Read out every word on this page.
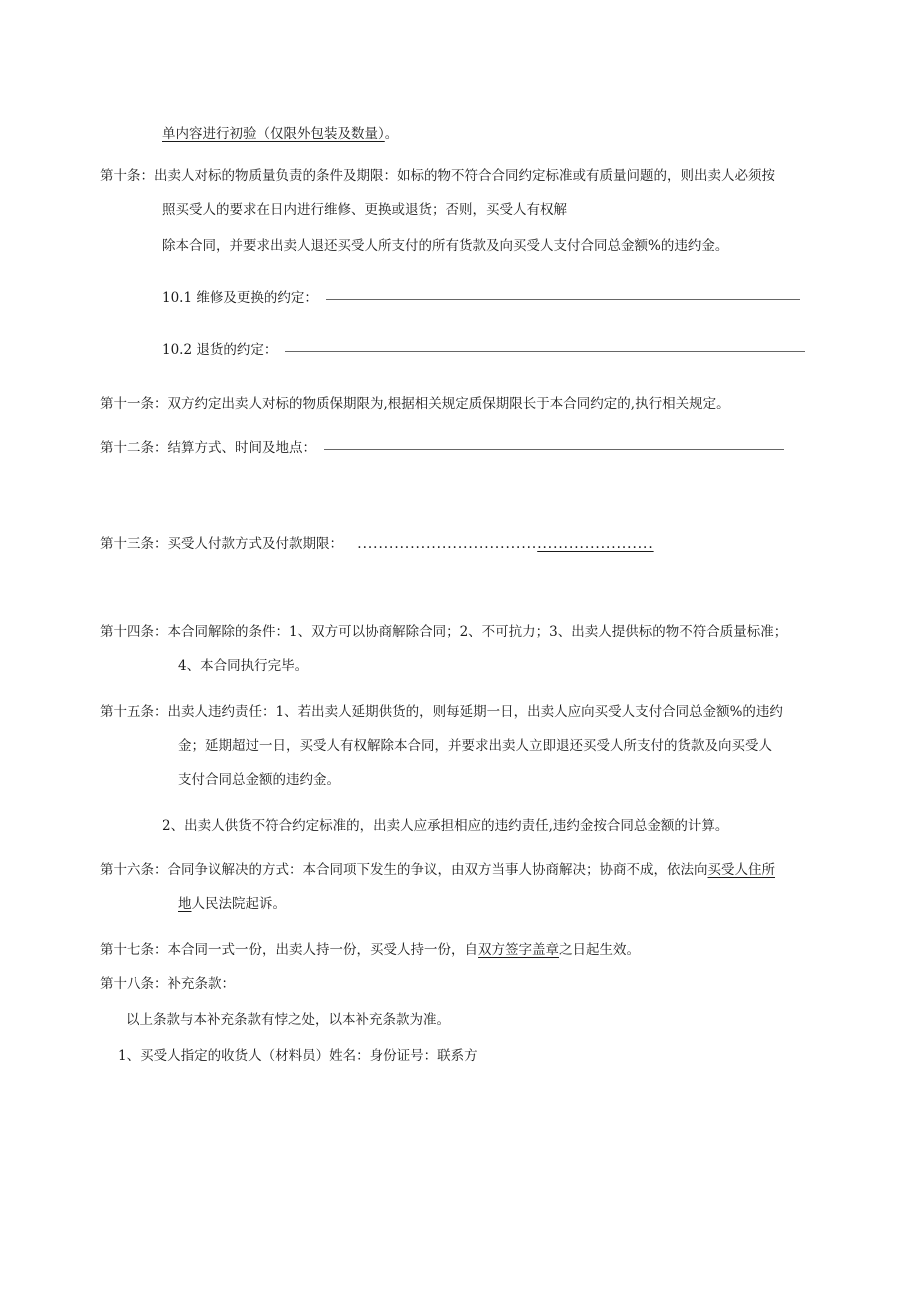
单内容进行初验（仅限外包装及数量）。
第十条：出卖人对标的物质量负责的条件及期限：如标的物不符合合同约定标准或有质量问题的，则出卖人必须按
照买受人的要求在日内进行维修、更换或退货；否则，买受人有权解
除本合同，并要求出卖人退还买受人所支付的所有货款及向买受人支付合同总金额%的违约金。
10.1 维修及更换的约定：
10.2 退货的约定：
第十一条：双方约定出卖人对标的物质保期限为,根据相关规定质保期限长于本合同约定的,执行相关规定。
第十二条：结算方式、时间及地点：
第十三条：买受人付款方式及付款期限： ........................................................
第十四条：本合同解除的条件：1、双方可以协商解除合同；2、不可抗力；3、出卖人提供标的物不符合质量标准；
4、本合同执行完毕。
第十五条：出卖人违约责任：1、若出卖人延期供货的，则每延期一日，出卖人应向买受人支付合同总金额%的违约
金；延期超过一日，买受人有权解除本合同，并要求出卖人立即退还买受人所支付的货款及向买受人
支付合同总金额的违约金。
2、出卖人供货不符合约定标准的，出卖人应承担相应的违约责任,违约金按合同总金额的计算。
第十六条：合同争议解决的方式：本合同项下发生的争议，由双方当事人协商解决；协商不成，依法向买受人住所
地人民法院起诉。
第十七条：本合同一式一份，出卖人持一份，买受人持一份，自双方签字盖章之日起生效。
第十八条：补充条款：
以上条款与本补充条款有悖之处，以本补充条款为准。
1、买受人指定的收货人（材料员）姓名：身份证号：联系方
